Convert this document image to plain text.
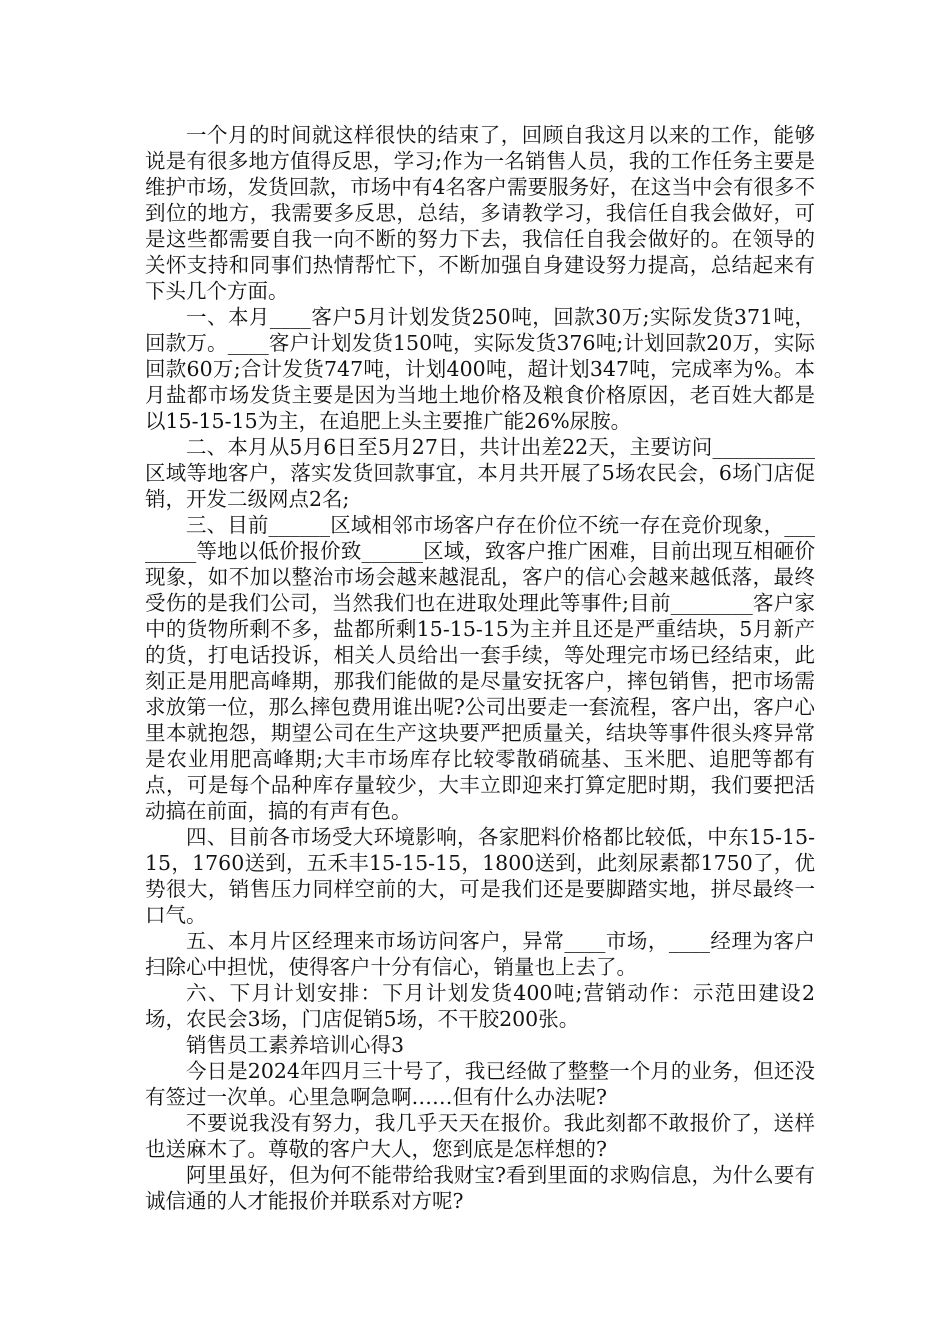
一个月的时间就这样很快的结束了，回顾自我这月以来的工作，能够说是有很多地方值得反思，学习;作为一名销售人员，我的工作任务主要是维护市场，发货回款，市场中有4名客户需要服务好，在这当中会有很多不到位的地方，我需要多反思，总结，多请教学习，我信任自我会做好，可是这些都需要自我一向不断的努力下去，我信任自我会做好的。在领导的关怀支持和同事们热情帮忙下，不断加强自身建设努力提高，总结起来有下头几个方面。

一、本月____客户5月计划发货250吨，回款30万;实际发货371吨，回款万。____客户计划发货150吨，实际发货376吨;计划回款20万，实际回款60万;合计发货747吨，计划400吨，超计划347吨，完成率为%。本月盐都市场发货主要是因为当地土地价格及粮食价格原因，老百姓大都是以15-15-15为主，在追肥上头主要推广能26%尿胺。

二、本月从5月6日至5月27日，共计出差22天，主要访问__________区域等地客户，落实发货回款事宜，本月共开展了5场农民会，6场门店促销，开发二级网点2名;

三、目前______区域相邻市场客户存在价位不统一存在竞价现象，________等地以低价报价致______区域，致客户推广困难，目前出现互相砸价现象，如不加以整治市场会越来越混乱，客户的信心会越来越低落，最终受伤的是我们公司，当然我们也在进取处理此等事件;目前________客户家中的货物所剩不多，盐都所剩15-15-15为主并且还是严重结块，5月新产的货，打电话投诉，相关人员给出一套手续，等处理完市场已经结束，此刻正是用肥高峰期，那我们能做的是尽量安抚客户，摔包销售，把市场需求放第一位，那么摔包费用谁出呢?公司出要走一套流程，客户出，客户心里本就抱怨，期望公司在生产这块要严把质量关，结块等事件很头疼异常是农业用肥高峰期;大丰市场库存比较零散硝硫基、玉米肥、追肥等都有点，可是每个品种库存量较少，大丰立即迎来打算定肥时期，我们要把活动搞在前面，搞的有声有色。

四、目前各市场受大环境影响，各家肥料价格都比较低，中东15-15-15，1760送到，五禾丰15-15-15，1800送到，此刻尿素都1750了，优势很大，销售压力同样空前的大，可是我们还是要脚踏实地，拼尽最终一口气。

五、本月片区经理来市场访问客户，异常____市场，____经理为客户扫除心中担忧，使得客户十分有信心，销量也上去了。

六、下月计划安排：下月计划发货400吨;营销动作：示范田建设2场，农民会3场，门店促销5场，不干胶200张。

销售员工素养培训心得3

今日是2024年四月三十号了，我已经做了整整一个月的业务，但还没有签过一次单。心里急啊急啊……但有什么办法呢?

不要说我没有努力，我几乎天天在报价。我此刻都不敢报价了，送样也送麻木了。尊敬的客户大人，您到底是怎样想的?

阿里虽好，但为何不能带给我财宝?看到里面的求购信息，为什么要有诚信通的人才能报价并联系对方呢?
